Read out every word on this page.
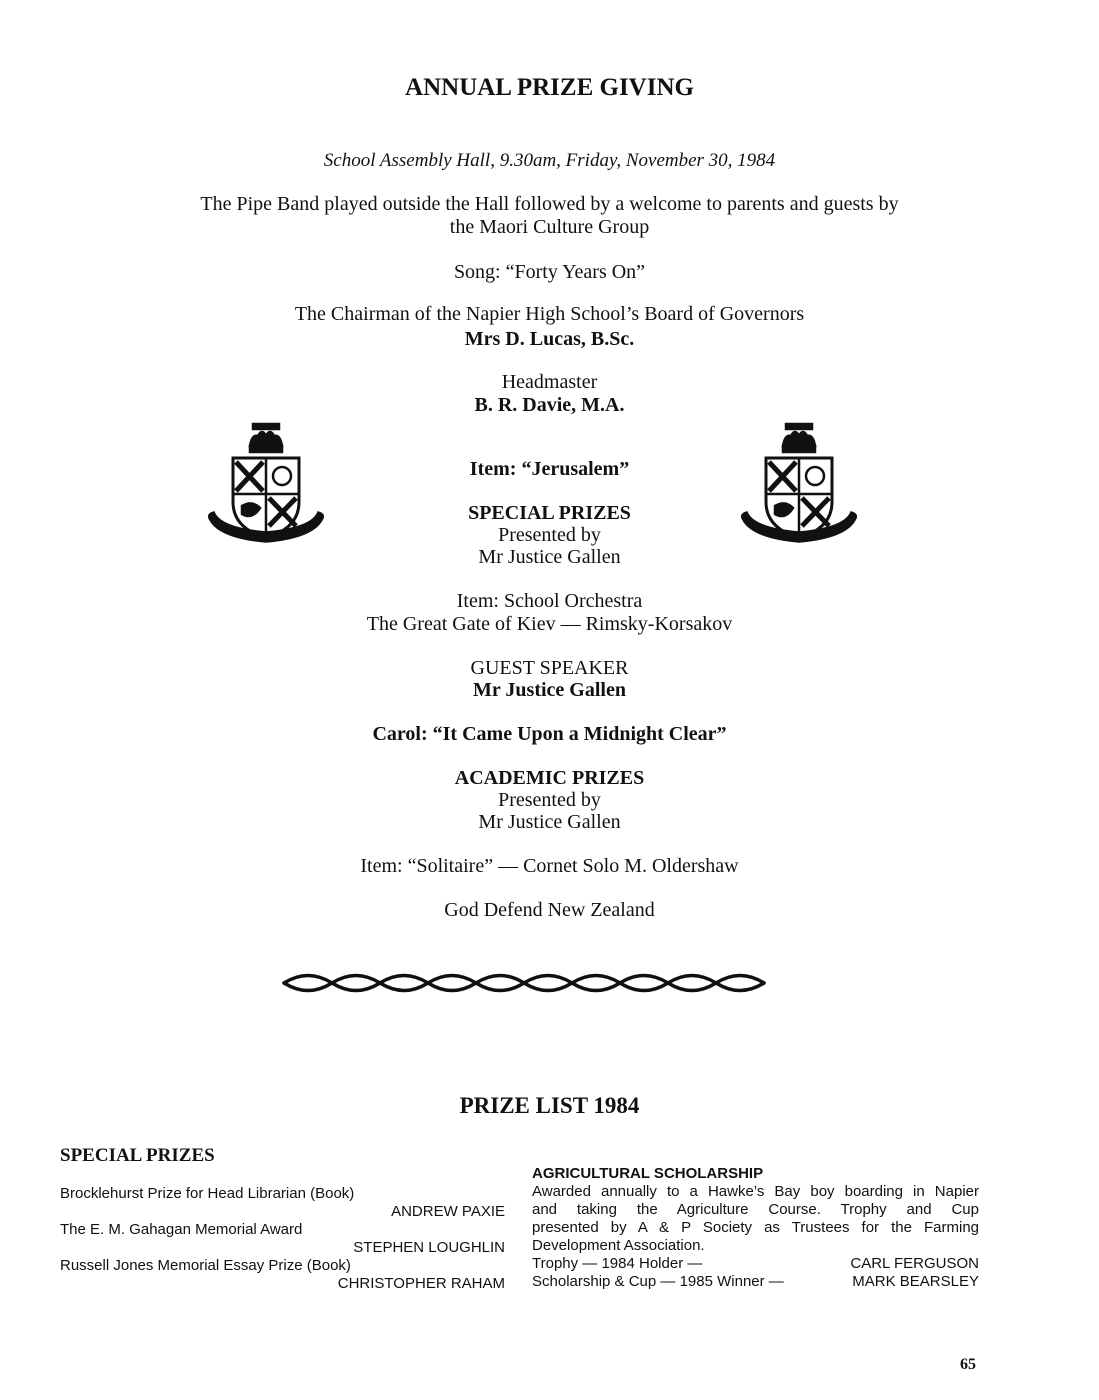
ANNUAL PRIZE GIVING
School Assembly Hall, 9.30am, Friday, November 30, 1984
The Pipe Band played outside the Hall followed by a welcome to parents and guests by
the Maori Culture Group
Song: “Forty Years On”
The Chairman of the Napier High School’s Board of Governors
Mrs D. Lucas, B.Sc.
Headmaster
B. R. Davie, M.A.
Item: “Jerusalem”
SPECIAL PRIZES
Presented by
Mr Justice Gallen
Item: School Orchestra
The Great Gate of Kiev — Rimsky-Korsakov
GUEST SPEAKER
Mr Justice Gallen
Carol: “It Came Upon a Midnight Clear”
ACADEMIC PRIZES
Presented by
Mr Justice Gallen
Item: “Solitaire” — Cornet Solo M. Oldershaw
God Defend New Zealand
PRIZE LIST 1984
SPECIAL PRIZES
Brocklehurst Prize for Head Librarian (Book)
ANDREW PAXIE
The E. M. Gahagan Memorial Award
STEPHEN LOUGHLIN
Russell Jones Memorial Essay Prize (Book)
CHRISTOPHER RAHAM
AGRICULTURAL SCHOLARSHIP
Awarded annually to a Hawke’s Bay boy boarding in Napier
and taking the Agriculture Course. Trophy and Cup
presented by A & P Society as Trustees for the Farming
Development Association.
Trophy — 1984 Holder —	CARL FERGUSON
Scholarship & Cup — 1985 Winner —	MARK BEARSLEY
65
